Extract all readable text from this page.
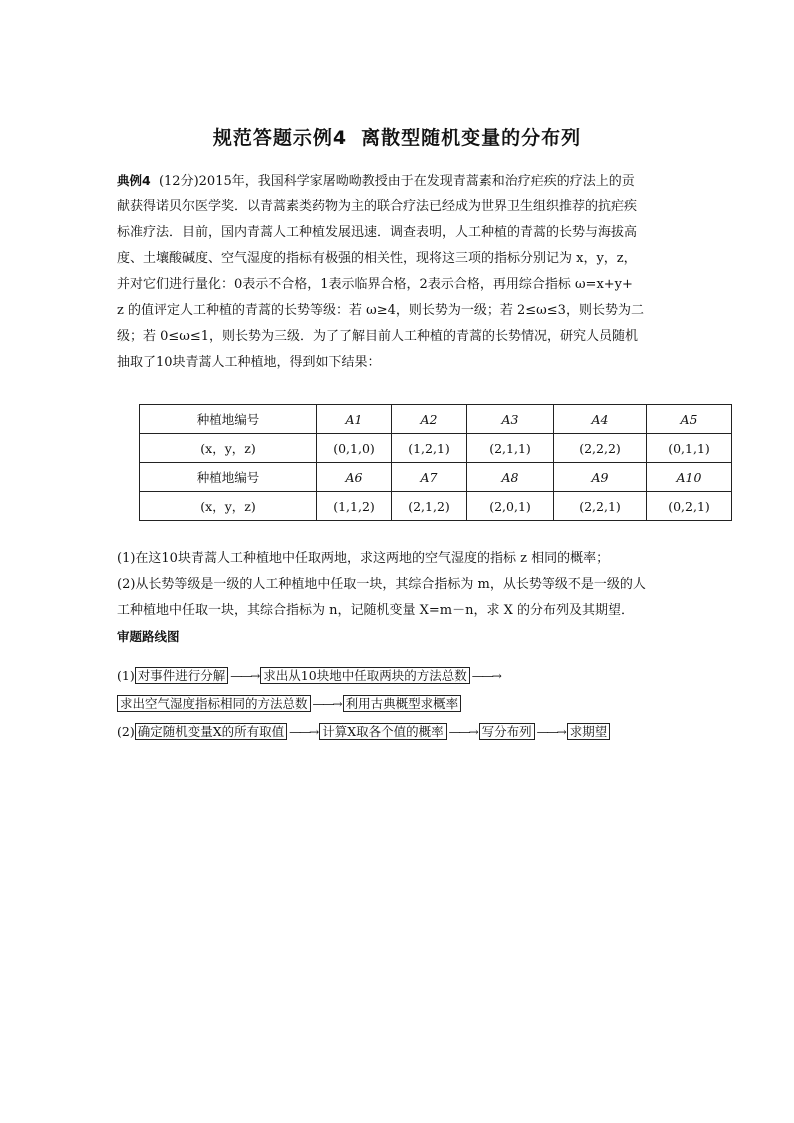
规范答题示例4 离散型随机变量的分布列
典例4 (12分)2015年，我国科学家屠呦呦教授由于在发现青蒿素和治疗疟疾的疗法上的贡
献获得诺贝尔医学奖．以青蒿素类药物为主的联合疗法已经成为世界卫生组织推荐的抗疟疾
标准疗法．目前，国内青蒿人工种植发展迅速．调查表明，人工种植的青蒿的长势与海拔高
度、土壤酸碱度、空气湿度的指标有极强的相关性，现将这三项的指标分别记为 x，y，z，
并对它们进行量化：0表示不合格，1表示临界合格，2表示合格，再用综合指标 ω=x+y+
z 的值评定人工种植的青蒿的长势等级：若 ω≥4，则长势为一级；若 2≤ω≤3，则长势为二
级；若 0≤ω≤1，则长势为三级．为了了解目前人工种植的青蒿的长势情况，研究人员随机
抽取了10块青蒿人工种植地，得到如下结果：
种植地编号	A1	A2	A3	A4	A5
(x，y，z)	(0,1,0)	(1,2,1)	(2,1,1)	(2,2,2)	(0,1,1)
种植地编号	A6	A7	A8	A9	A10
(x，y，z)	(1,1,2)	(2,1,2)	(2,0,1)	(2,2,1)	(0,2,1)
(1)在这10块青蒿人工种植地中任取两地，求这两地的空气湿度的指标 z 相同的概率；
(2)从长势等级是一级的人工种植地中任取一块，其综合指标为 m，从长势等级不是一级的人
工种植地中任取一块，其综合指标为 n，记随机变量 X=m－n，求 X 的分布列及其期望．
审题路线图
(1) 对事件进行分解 ——→ 求出从10块地中任取两块的方法总数 ——→
求出空气湿度指标相同的方法总数 ——→ 利用古典概型求概率
(2) 确定随机变量X的所有取值 ——→ 计算X取各个值的概率 ——→ 写分布列 ——→ 求期望
